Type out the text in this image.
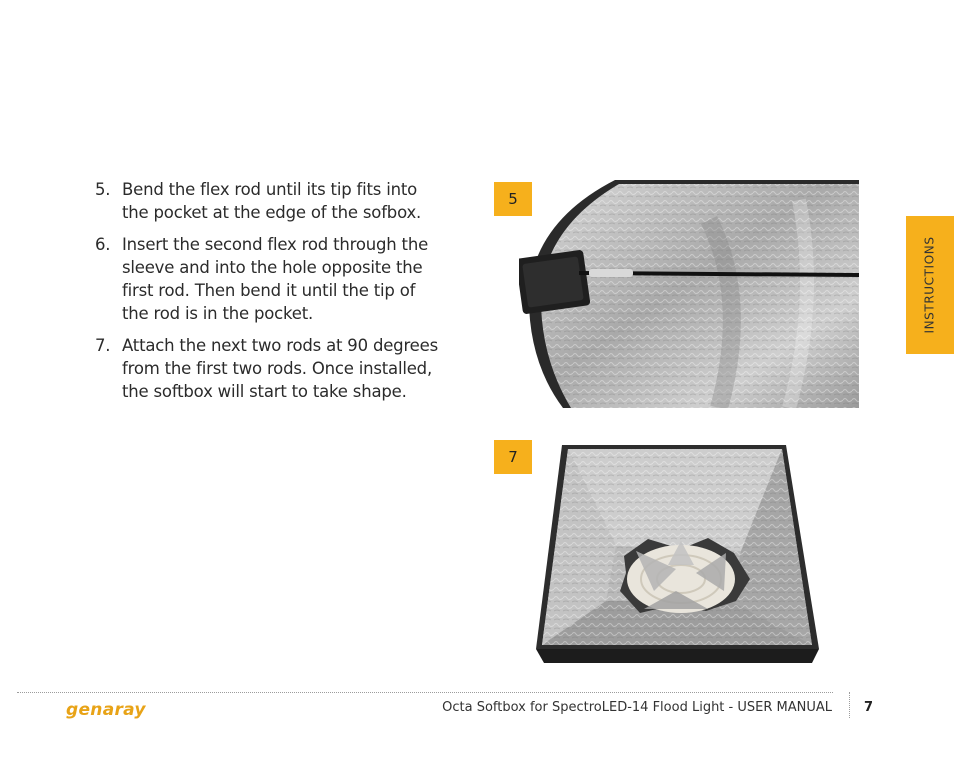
5. Bend the flex rod until its tip fits into the pocket at the edge of the sofbox.
6. Insert the second flex rod through the sleeve and into the hole opposite the first rod. Then bend it until the tip of the rod is in the pocket.
7. Attach the next two rods at 90 degrees from the first two rods. Once installed, the softbox will start to take shape.
5
7
INSTRUCTIONS
genaray	Octa Softbox for SpectroLED-14 Flood Light - USER MANUAL 7
